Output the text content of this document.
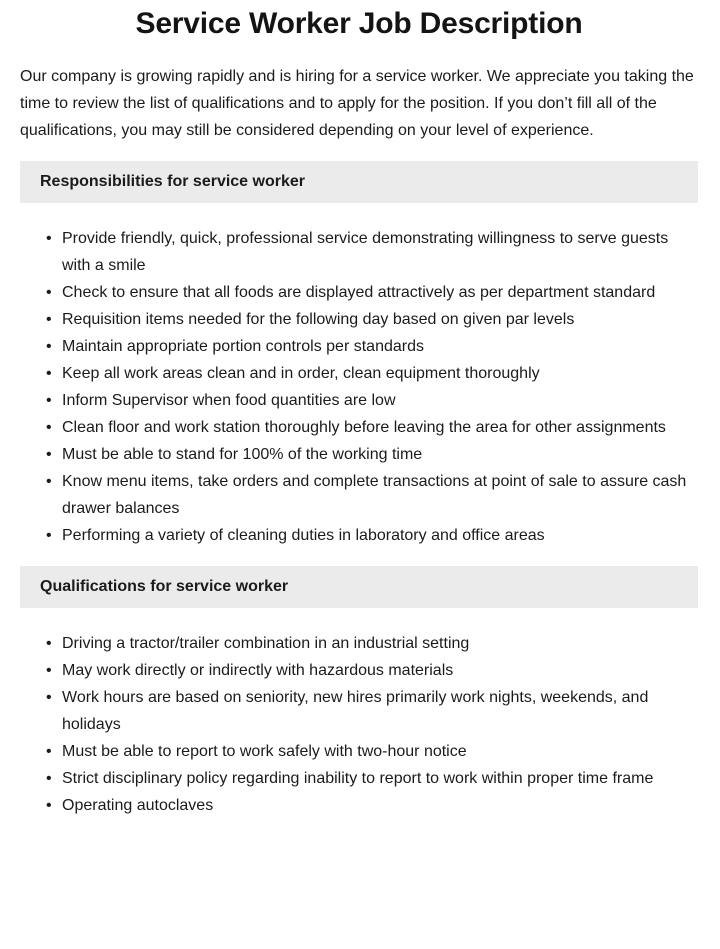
Service Worker Job Description

Our company is growing rapidly and is hiring for a service worker. We appreciate you taking the time to review the list of qualifications and to apply for the position. If you don’t fill all of the qualifications, you may still be considered depending on your level of experience.

Responsibilities for service worker
• Provide friendly, quick, professional service demonstrating willingness to serve guests with a smile
• Check to ensure that all foods are displayed attractively as per department standard
• Requisition items needed for the following day based on given par levels
• Maintain appropriate portion controls per standards
• Keep all work areas clean and in order, clean equipment thoroughly
• Inform Supervisor when food quantities are low
• Clean floor and work station thoroughly before leaving the area for other assignments
• Must be able to stand for 100% of the working time
• Know menu items, take orders and complete transactions at point of sale to assure cash drawer balances
• Performing a variety of cleaning duties in laboratory and office areas
Qualifications for service worker
• Driving a tractor/trailer combination in an industrial setting
• May work directly or indirectly with hazardous materials
• Work hours are based on seniority, new hires primarily work nights, weekends, and holidays
• Must be able to report to work safely with two-hour notice
• Strict disciplinary policy regarding inability to report to work within proper time frame
• Operating autoclaves
